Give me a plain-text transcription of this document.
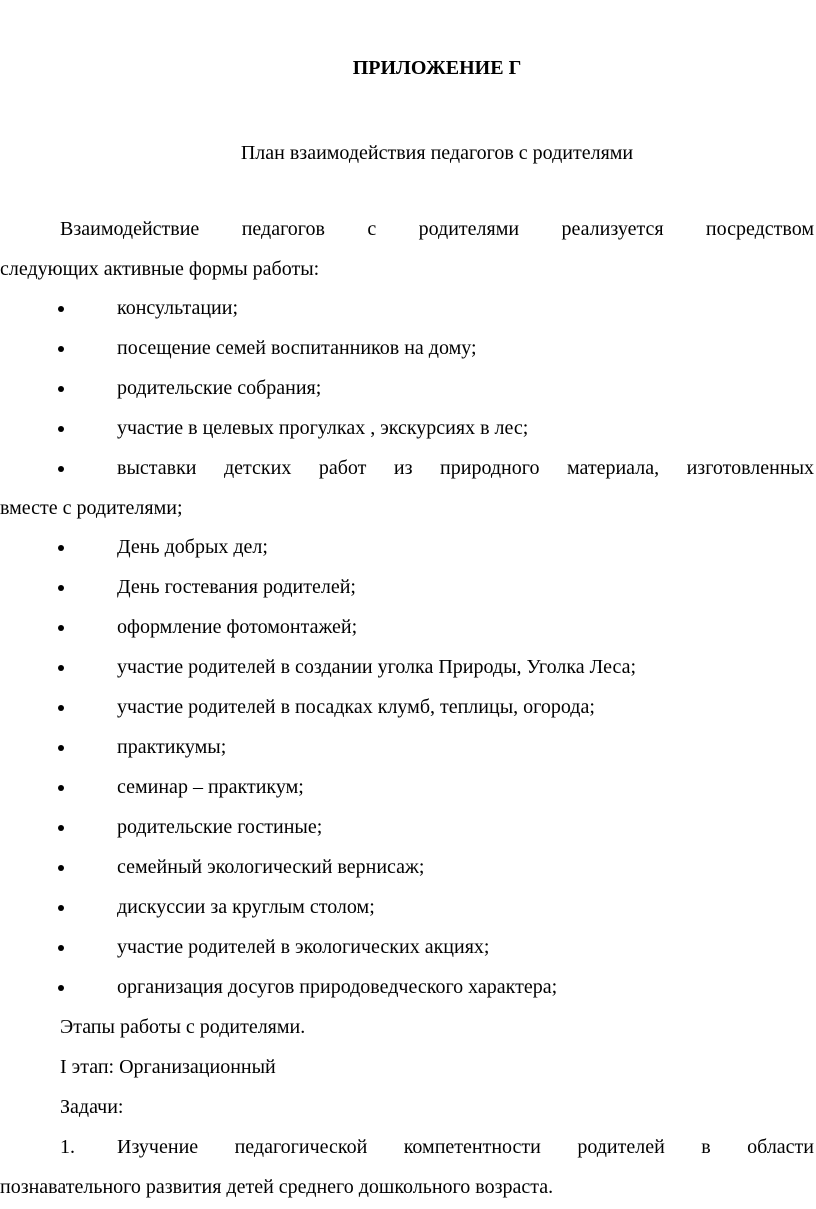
ПРИЛОЖЕНИЕ Г
План взаимодействия педагогов с родителями
Взаимодействие педагогов с родителями реализуется посредством
следующих активные формы работы:
консультации;
посещение семей воспитанников на дому;
родительские собрания;
участие в целевых прогулках , экскурсиях в лес;
выставки детских работ из природного материала, изготовленных
вместе с родителями;
День добрых дел;
День гостевания родителей;
оформление фотомонтажей;
участие родителей в создании уголка Природы, Уголка Леса;
участие родителей в посадках клумб, теплицы, огорода;
практикумы;
семинар – практикум;
родительские гостиные;
семейный экологический вернисаж;
дискуссии за круглым столом;
участие родителей в экологических акциях;
организация досугов природоведческого характера;
Этапы работы с родителями.
I этап: Организационный
Задачи:
1. Изучение педагогической компетентности родителей в области
познавательного развития детей среднего дошкольного возраста.
